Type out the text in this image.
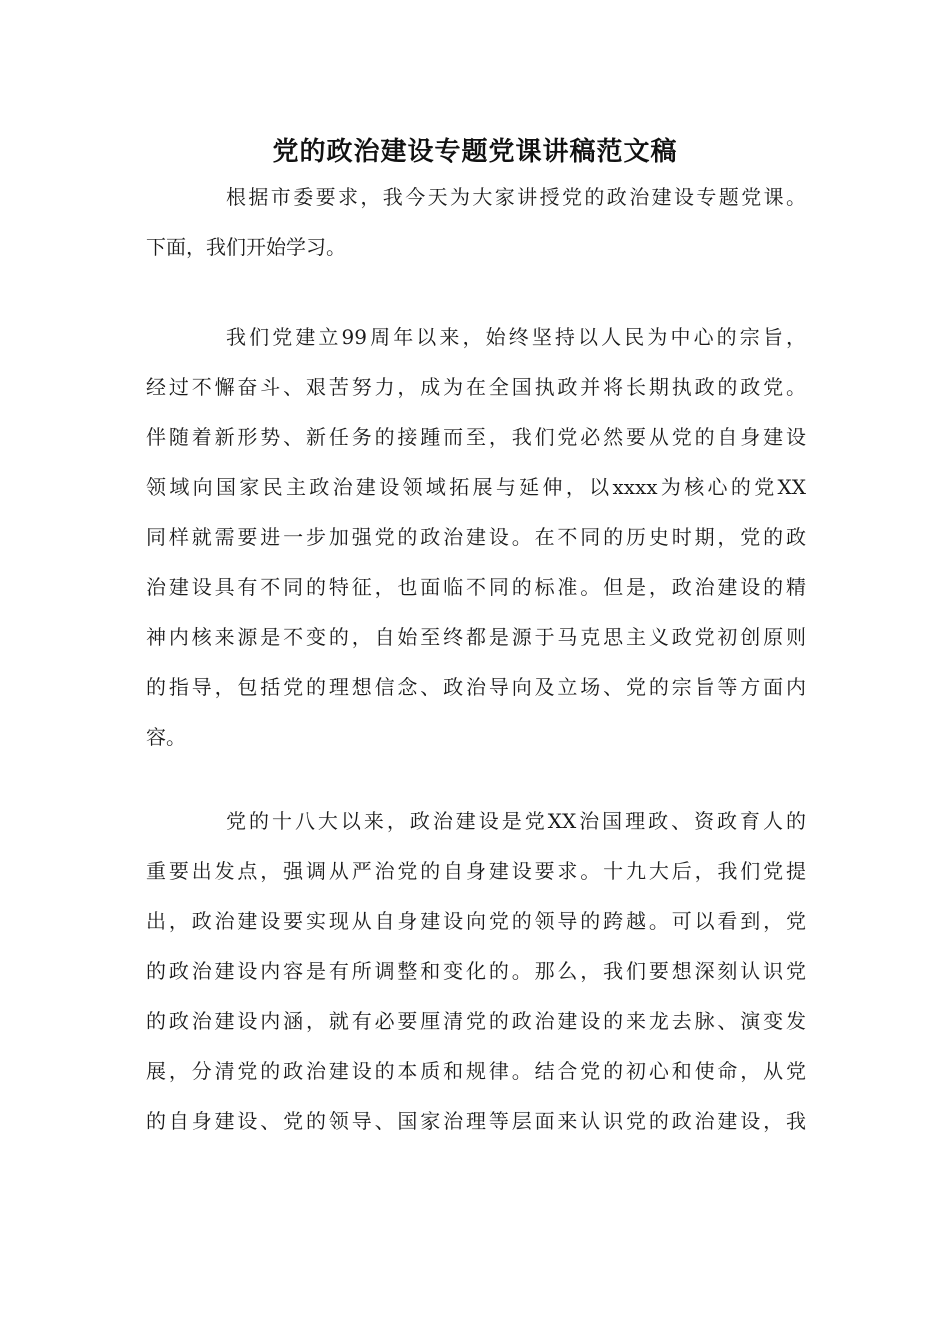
党的政治建设专题党课讲稿范文稿
根据市委要求，我今天为大家讲授党的政治建设专题党课。
下面，我们开始学习。
我们党建立99周年以来，始终坚持以人民为中心的宗旨，
经过不懈奋斗、艰苦努力，成为在全国执政并将长期执政的政党。
伴随着新形势、新任务的接踵而至，我们党必然要从党的自身建设
领域向国家民主政治建设领域拓展与延伸，以xxxx为核心的党XX
同样就需要进一步加强党的政治建设。在不同的历史时期，党的政
治建设具有不同的特征，也面临不同的标准。但是，政治建设的精
神内核来源是不变的，自始至终都是源于马克思主义政党初创原则
的指导，包括党的理想信念、政治导向及立场、党的宗旨等方面内
容。
党的十八大以来，政治建设是党XX治国理政、资政育人的
重要出发点，强调从严治党的自身建设要求。十九大后，我们党提
出，政治建设要实现从自身建设向党的领导的跨越。可以看到，党
的政治建设内容是有所调整和变化的。那么，我们要想深刻认识党
的政治建设内涵，就有必要厘清党的政治建设的来龙去脉、演变发
展，分清党的政治建设的本质和规律。结合党的初心和使命，从党
的自身建设、党的领导、国家治理等层面来认识党的政治建设，我
